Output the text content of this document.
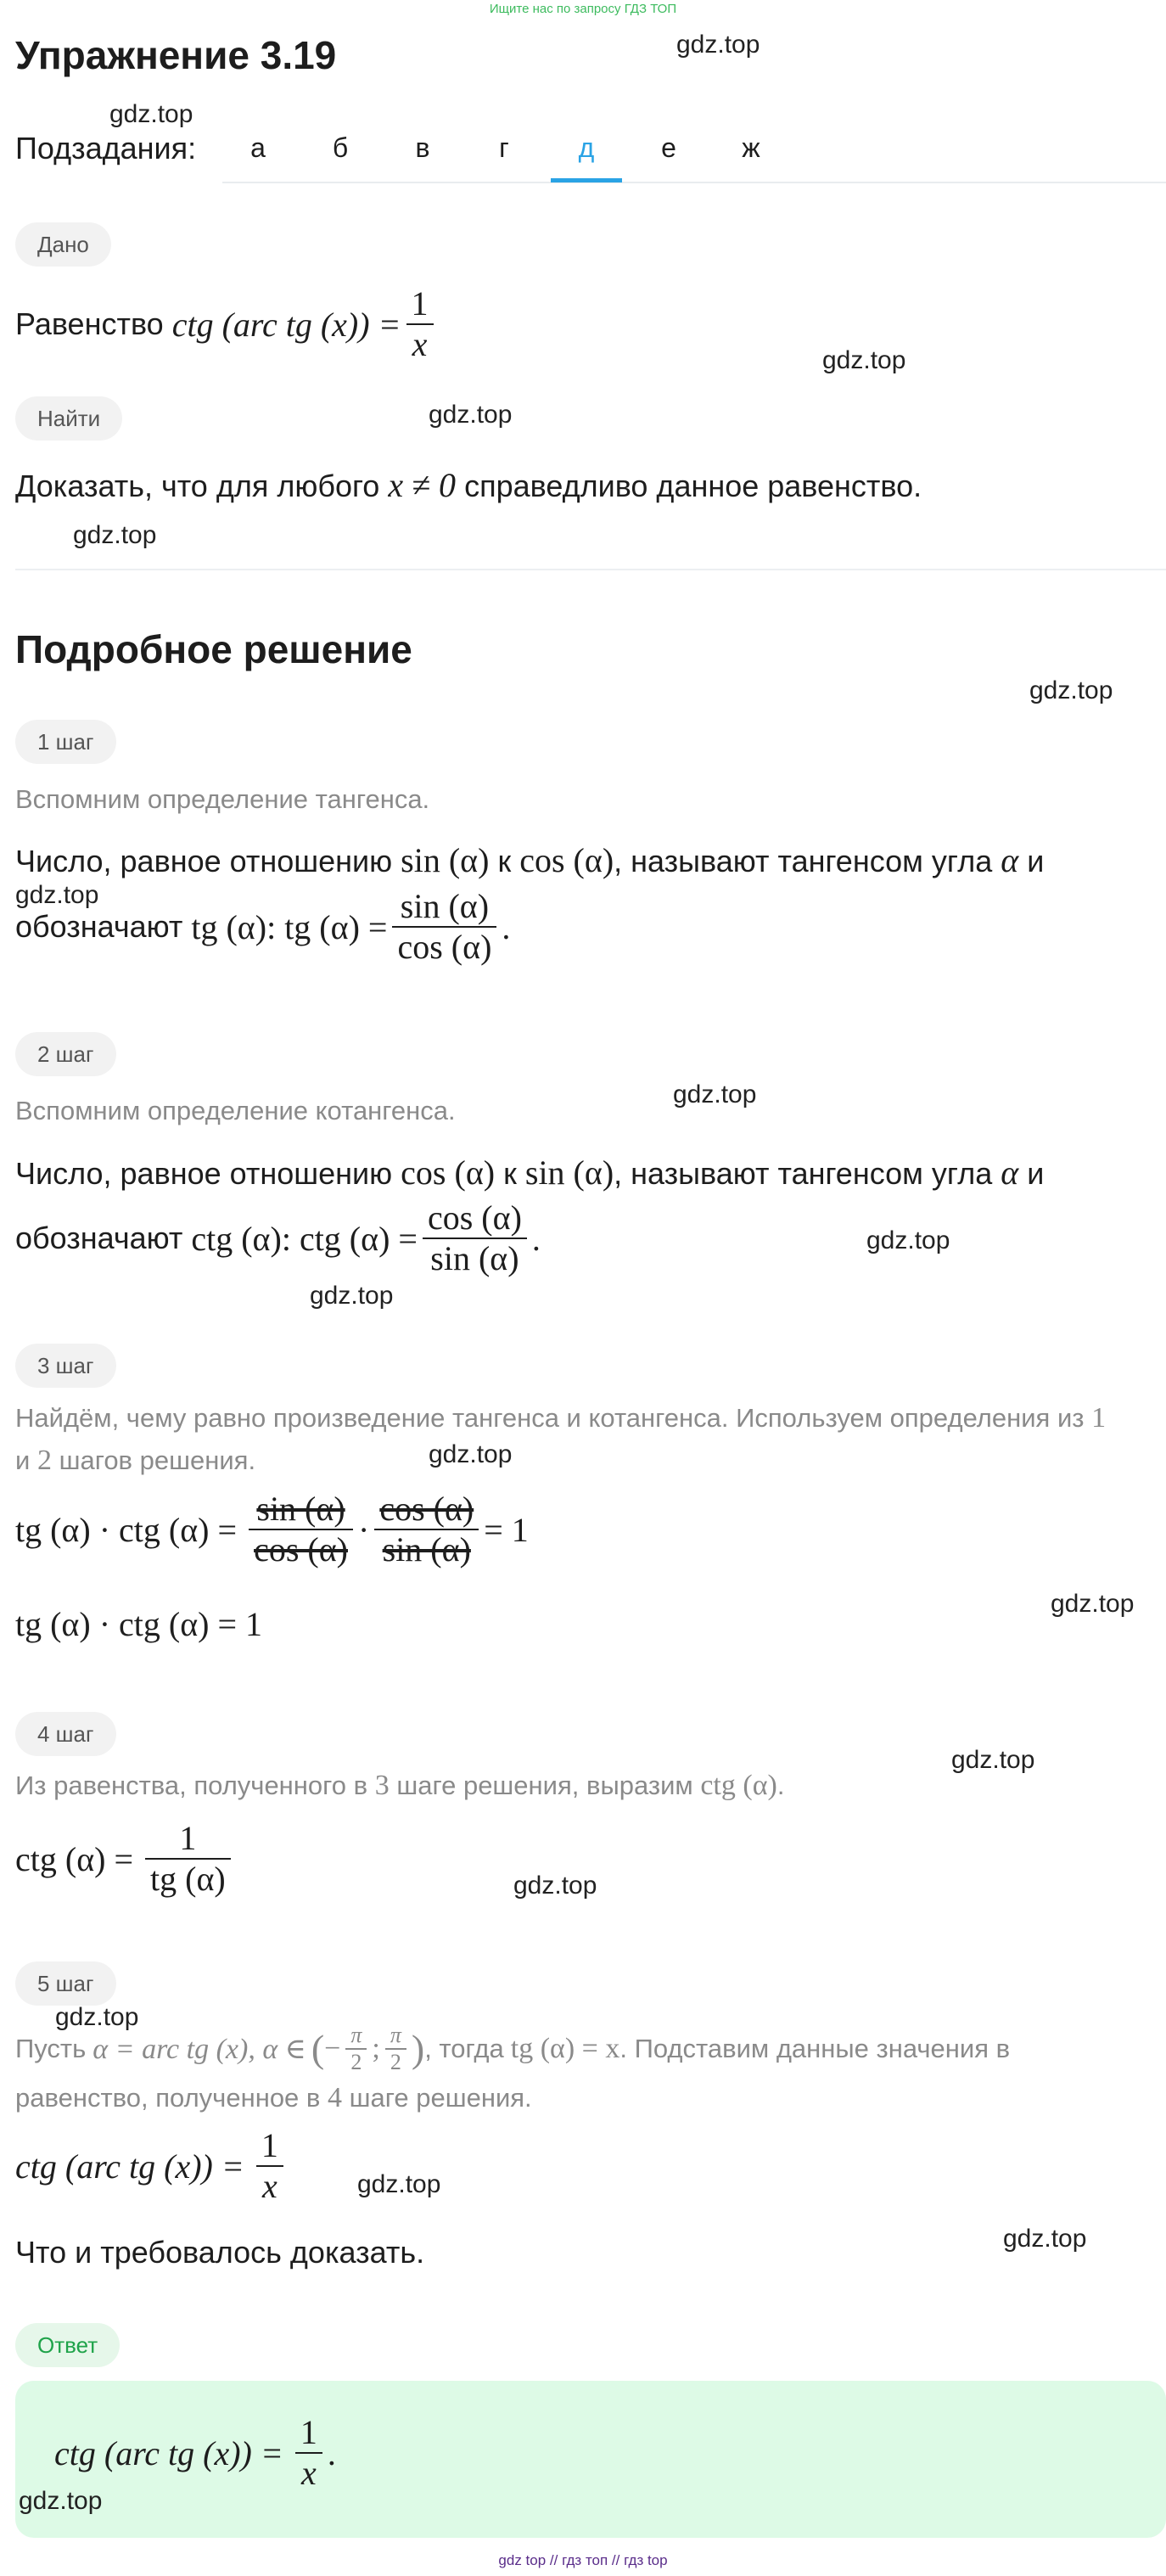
Ищите нас по запросу ГДЗ ТОП
Упражнение 3.19
Подзадания:	а	б	в	г	д	е	ж
Дано
Равенство ctg (arc tg $(x)) = \frac{1}{x}$
Найти
Доказать, что для любого x ≠ 0 справедливо данное равенство.
Подробное решение
1 шаг
Вспомним определение тангенса.
Число, равное отношению sin (α) к cos (α), называют тангенсом угла α и
обозначают tg (α) : tg $(\alpha) = \frac{\sin (\alpha)}{\cos (\alpha)}$ .
2 шаг
Вспомним определение котангенса.
Число, равное отношению cos (α) к sin (α), называют тангенсом угла α и
обозначают ctg (α) : ctg $(\alpha) = \frac{\cos (\alpha)}{\sin (\alpha)}$ .
3 шаг
Найдём, чему равно произведение тангенса и котангенса. Используем определения из 1
и 2 шагов решения.
tg (α) · ctg $(\alpha) = \frac{\sin (\alpha)}{\cos (\alpha)} \cdot \frac{\cos (\alpha)}{\sin (\alpha)} = 1$
tg (α) · ctg (α) = 1
4 шаг
Из равенства, полученного в 3 шаге решения, выразим ctg (α).
ctg $(\alpha) = \frac{1}{tg (\alpha)}$
5 шаг
Пусть α = arc tg (x), α ∈ ( − $\frac{\pi}{2}$ ; $\frac{\pi}{2}$ ) , тогда tg (α) = x . Подставим данные значения в
равенство, полученное в 4 шаге решения.
ctg (arc tg $(x)) = \frac{1}{x}$
Что и требовалось доказать.
Ответ
ctg (arc tg $(x)) = \frac{1}{x}$ .
gdz.top
gdz.top
gdz.top
gdz.top
gdz.top
gdz.top
gdz.top
gdz.top
gdz.top
gdz.top
gdz.top
gdz.top
gdz.top
gdz.top
gdz.top
gdz.top
gdz.top
gdz.top
gdz top // гдз топ // гдз top
